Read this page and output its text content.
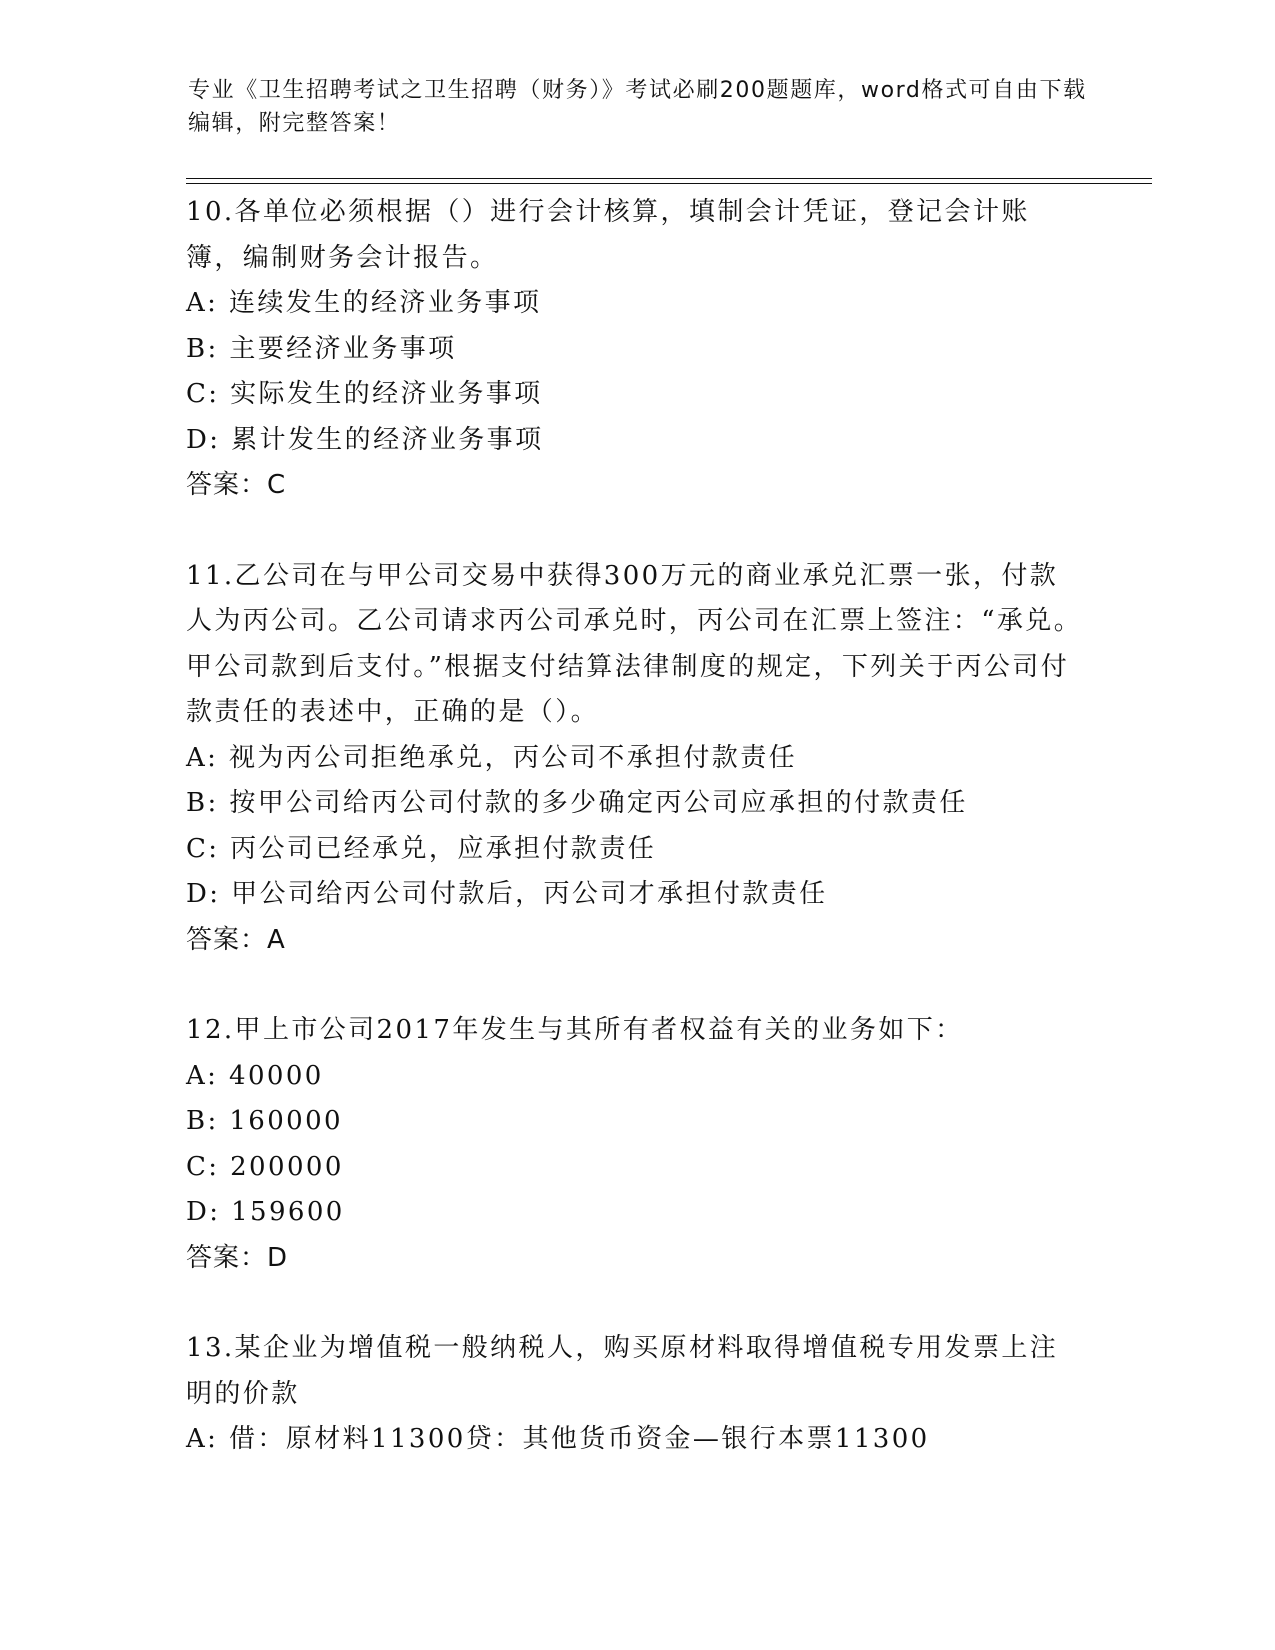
专业《卫生招聘考试之卫生招聘（财务）》考试必刷200题题库，word格式可自由下载编辑，附完整答案！

10.各单位必须根据（）进行会计核算，填制会计凭证，登记会计账簿，编制财务会计报告。

A: 连续发生的经济业务事项

B: 主要经济业务事项

C: 实际发生的经济业务事项

D: 累计发生的经济业务事项

答案：C

11.乙公司在与甲公司交易中获得300万元的商业承兑汇票一张，付款人为丙公司。乙公司请求丙公司承兑时，丙公司在汇票上签注：“承兑。甲公司款到后支付。”根据支付结算法律制度的规定，下列关于丙公司付款责任的表述中，正确的是（）。

A: 视为丙公司拒绝承兑，丙公司不承担付款责任

B: 按甲公司给丙公司付款的多少确定丙公司应承担的付款责任

C: 丙公司已经承兑，应承担付款责任

D: 甲公司给丙公司付款后，丙公司才承担付款责任

答案：A

12.甲上市公司2017年发生与其所有者权益有关的业务如下：

A: 40000

B: 160000

C: 200000

D: 159600

答案：D

13.某企业为增值税一般纳税人，购买原材料取得增值税专用发票上注明的价款

A: 借：原材料11300贷：其他货币资金—银行本票11300
